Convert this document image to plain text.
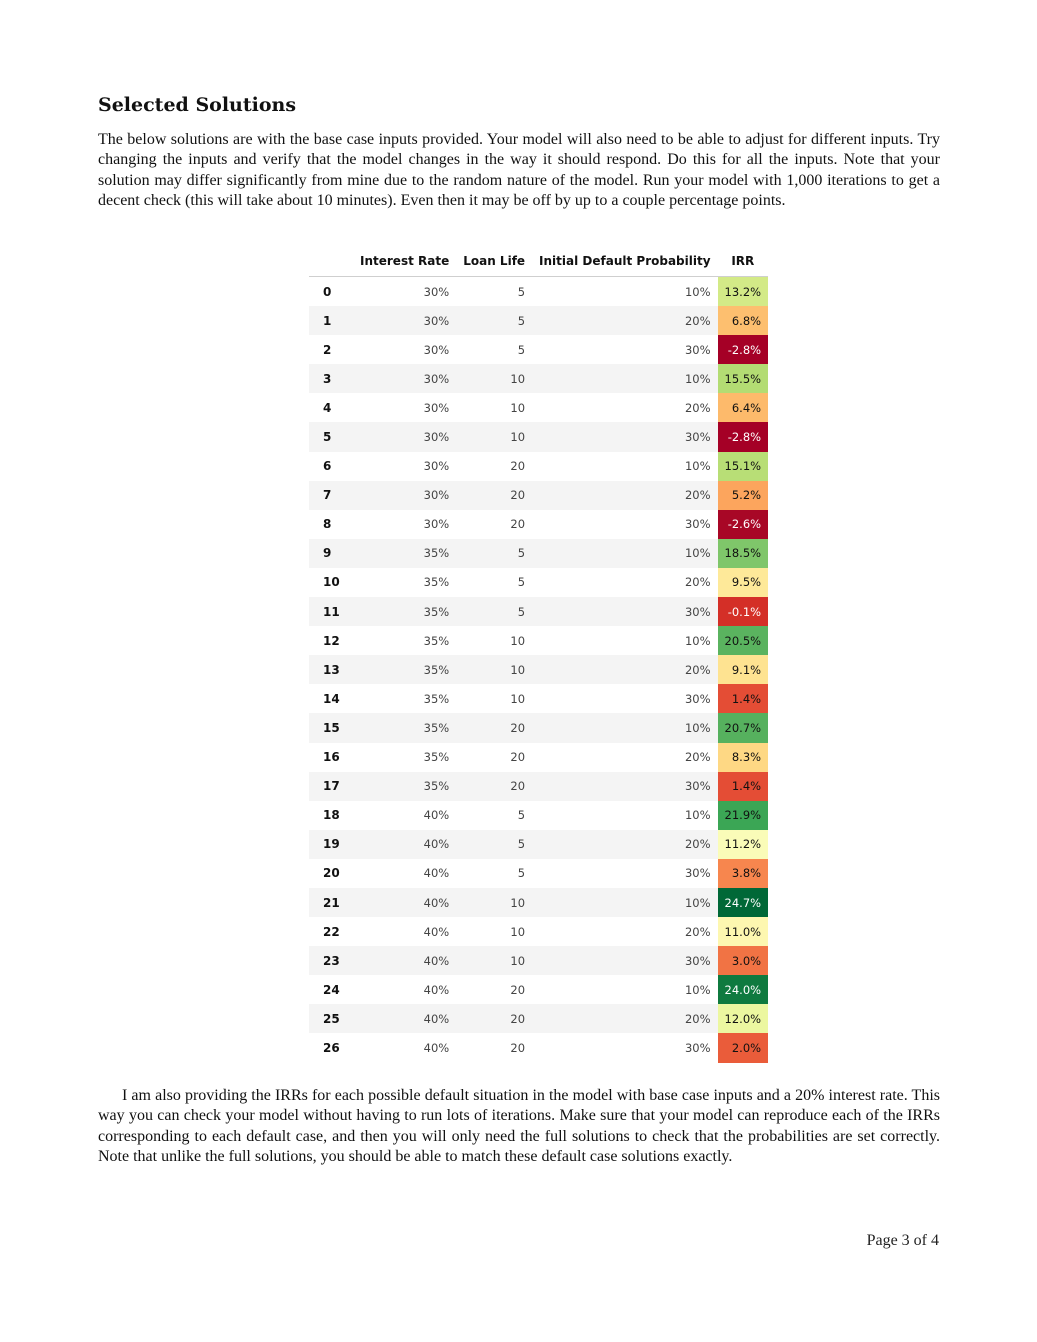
Selected Solutions

The below solutions are with the base case inputs provided. Your model will also need to be able to adjust for different inputs. Try changing the inputs and verify that the model changes in the way it should respond. Do this for all the inputs. Note that your solution may differ significantly from mine due to the random nature of the model. Run your model with 1,000 iterations to get a decent check (this will take about 10 minutes). Even then it may be off by up to a couple percentage points.

	Interest Rate	Loan Life	Initial Default Probability	IRR
0	30%	5	10%	13.2%
1	30%	5	20%	6.8%
2	30%	5	30%	-2.8%
3	30%	10	10%	15.5%
4	30%	10	20%	6.4%
5	30%	10	30%	-2.8%
6	30%	20	10%	15.1%
7	30%	20	20%	5.2%
8	30%	20	30%	-2.6%
9	35%	5	10%	18.5%
10	35%	5	20%	9.5%
11	35%	5	30%	-0.1%
12	35%	10	10%	20.5%
13	35%	10	20%	9.1%
14	35%	10	30%	1.4%
15	35%	20	10%	20.7%
16	35%	20	20%	8.3%
17	35%	20	30%	1.4%
18	40%	5	10%	21.9%
19	40%	5	20%	11.2%
20	40%	5	30%	3.8%
21	40%	10	10%	24.7%
22	40%	10	20%	11.0%
23	40%	10	30%	3.0%
24	40%	20	10%	24.0%
25	40%	20	20%	12.0%
26	40%	20	30%	2.0%

I am also providing the IRRs for each possible default situation in the model with base case inputs and a 20% interest rate. This way you can check your model without having to run lots of iterations. Make sure that your model can reproduce each of the IRRs corresponding to each default case, and then you will only need the full solutions to check that the probabilities are set correctly. Note that unlike the full solutions, you should be able to match these default case solutions exactly.

Page 3 of 4
